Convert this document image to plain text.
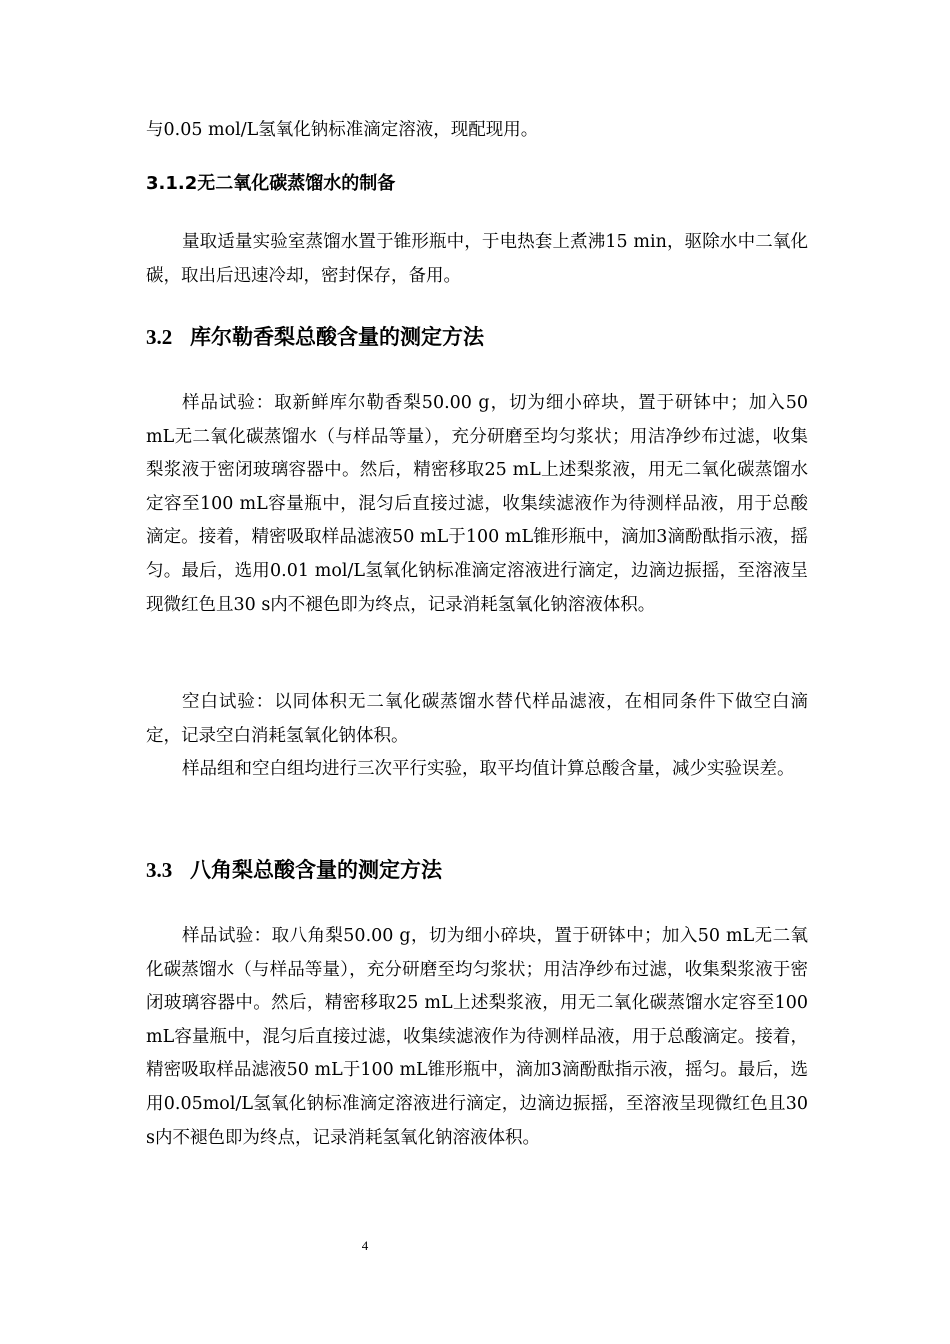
与0.05 mol/L氢氧化钠标准滴定溶液，现配现用。

3.1.2无二氧化碳蒸馏水的制备

量取适量实验室蒸馏水置于锥形瓶中，于电热套上煮沸15 min，驱除水中二氧化碳，取出后迅速冷却，密封保存，备用。

3.2 库尔勒香梨总酸含量的测定方法

样品试验：取新鲜库尔勒香梨50.00 g，切为细小碎块，置于研钵中；加入50 mL无二氧化碳蒸馏水（与样品等量），充分研磨至均匀浆状；用洁净纱布过滤，收集梨浆液于密闭玻璃容器中。然后，精密移取25 mL上述梨浆液，用无二氧化碳蒸馏水定容至100 mL容量瓶中，混匀后直接过滤，收集续滤液作为待测样品液，用于总酸滴定。接着，精密吸取样品滤液50 mL于100 mL锥形瓶中，滴加3滴酚酞指示液，摇匀。最后，选用0.01 mol/L氢氧化钠标准滴定溶液进行滴定，边滴边振摇，至溶液呈现微红色且30 s内不褪色即为终点，记录消耗氢氧化钠溶液体积。

空白试验：以同体积无二氧化碳蒸馏水替代样品滤液，在相同条件下做空白滴定，记录空白消耗氢氧化钠体积。

样品组和空白组均进行三次平行实验，取平均值计算总酸含量，减少实验误差。

3.3 八角梨总酸含量的测定方法

样品试验：取八角梨50.00 g，切为细小碎块，置于研钵中；加入50 mL无二氧化碳蒸馏水（与样品等量），充分研磨至均匀浆状；用洁净纱布过滤，收集梨浆液于密闭玻璃容器中。然后，精密移取25 mL上述梨浆液，用无二氧化碳蒸馏水定容至100 mL容量瓶中，混匀后直接过滤，收集续滤液作为待测样品液，用于总酸滴定。接着，精密吸取样品滤液50 mL于100 mL锥形瓶中，滴加3滴酚酞指示液，摇匀。最后，选用0.05mol/L氢氧化钠标准滴定溶液进行滴定，边滴边振摇，至溶液呈现微红色且30 s内不褪色即为终点，记录消耗氢氧化钠溶液体积。

4
